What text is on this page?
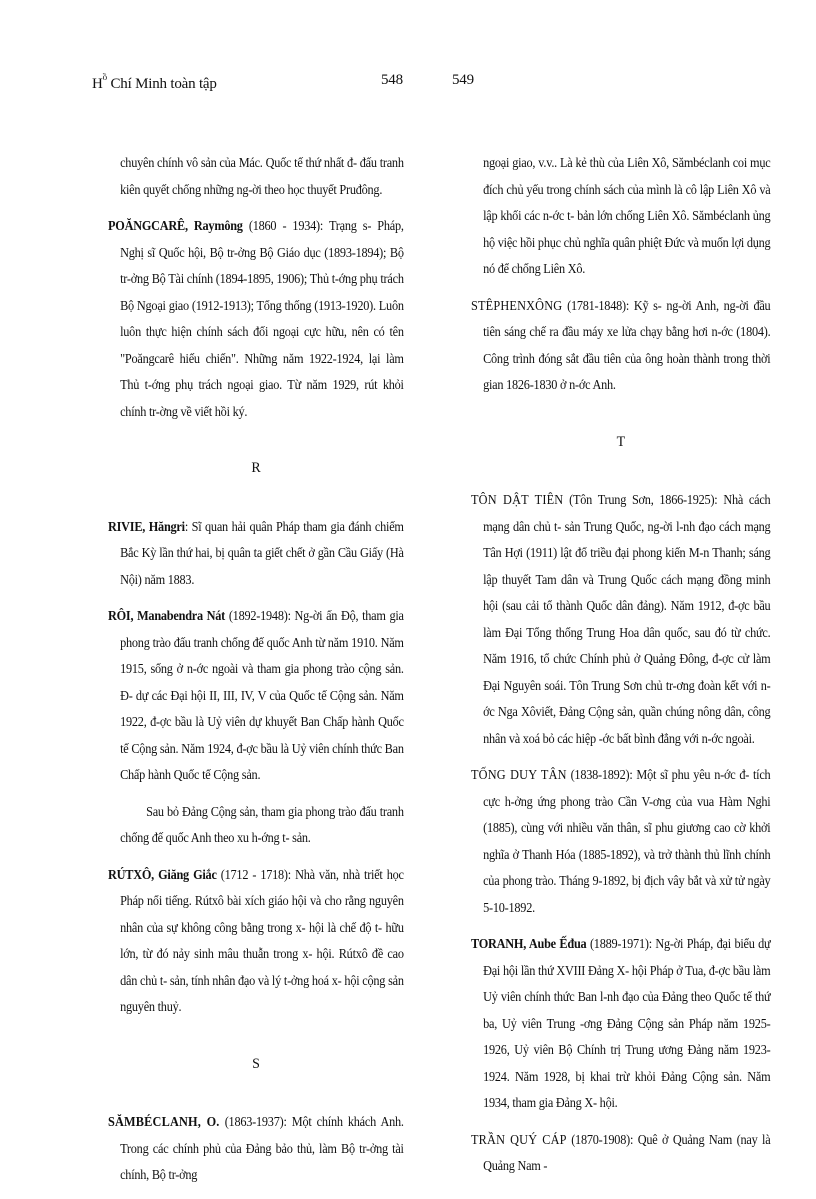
$H^ồ$ Chí Minh toàn tập	548	549

chuyên chính vô sản của Mác. Quốc tế thứ nhất đ- đấu tranh kiên quyết chống những ng-ời theo học thuyết Pruđông.

POĂNGCARÊ, Raymông (1860 - 1934): Trạng s- Pháp, Nghị sĩ Quốc hội, Bộ tr-ởng Bộ Giáo dục (1893-1894); Bộ tr-ởng Bộ Tài chính (1894-1895, 1906); Thủ t-ớng phụ trách Bộ Ngoại giao (1912-1913); Tổng thống (1913-1920). Luôn luôn thực hiện chính sách đối ngoại cực hữu, nên có tên "Poăngcarê hiếu chiến". Những năm 1922-1924, lại làm Thủ t-ớng phụ trách ngoại giao. Từ năm 1929, rút khỏi chính tr-ờng về viết hồi ký.

R

RIVIE, Hăngri: Sĩ quan hải quân Pháp tham gia đánh chiếm Bắc Kỳ lần thứ hai, bị quân ta giết chết ở gần Cầu Giấy (Hà Nội) năm 1883.

RÔI, Manabendra Nát (1892-1948): Ng-ời ấn Độ, tham gia phong trào đấu tranh chống đế quốc Anh từ năm 1910. Năm 1915, sống ở n-ớc ngoài và tham gia phong trào cộng sản. Đ- dự các Đại hội II, III, IV, V của Quốc tế Cộng sản. Năm 1922, đ-ợc bầu là Uỷ viên dự khuyết Ban Chấp hành Quốc tế Cộng sản. Năm 1924, đ-ợc bầu là Uỷ viên chính thức Ban Chấp hành Quốc tế Cộng sản.

Sau bỏ Đảng Cộng sản, tham gia phong trào đấu tranh chống đế quốc Anh theo xu h-ớng t- sản.

RÚTXÔ, Giăng Giắc (1712 - 1718): Nhà văn, nhà triết học Pháp nổi tiếng. Rútxô bài xích giáo hội và cho rằng nguyên nhân của sự không công bằng trong x- hội là chế độ t- hữu lớn, từ đó nảy sinh mâu thuẫn trong x- hội. Rútxô đề cao dân chủ t- sản, tính nhân đạo và lý t-ởng hoá x- hội cộng sản nguyên thuỷ.

S

SĂMBÉCLANH, O. (1863-1937): Một chính khách Anh. Trong các chính phủ của Đảng bảo thủ, làm Bộ tr-ởng tài chính, Bộ tr-ởng

ngoại giao, v.v.. Là kẻ thù của Liên Xô, Sămbéclanh coi mục đích chủ yếu trong chính sách của mình là cô lập Liên Xô và lập khối các n-ớc t- bản lớn chống Liên Xô. Sămbéclanh ủng hộ việc hồi phục chủ nghĩa quân phiệt Đức và muốn lợi dụng nó để chống Liên Xô.

STÊPHENXÔNG (1781-1848): Kỹ s- ng-ời Anh, ng-ời đầu tiên sáng chế ra đầu máy xe lửa chạy bằng hơi n-ớc (1804). Công trình đóng sắt đầu tiên của ông hoàn thành trong thời gian 1826-1830 ở n-ớc Anh.

T

TÔN DẬT TIÊN (Tôn Trung Sơn, 1866-1925): Nhà cách mạng dân chủ t- sản Trung Quốc, ng-ời l-nh đạo cách mạng Tân Hợi (1911) lật đổ triều đại phong kiến M-n Thanh; sáng lập thuyết Tam dân và Trung Quốc cách mạng đồng minh hội (sau cải tổ thành Quốc dân đảng). Năm 1912, đ-ợc bầu làm Đại Tổng thống Trung Hoa dân quốc, sau đó từ chức. Năm 1916, tổ chức Chính phủ ở Quảng Đông, đ-ợc cử làm Đại Nguyên soái. Tôn Trung Sơn chủ tr-ơng đoàn kết với n-ớc Nga Xôviết, Đảng Cộng sản, quần chúng nông dân, công nhân và xoá bỏ các hiệp -ớc bất bình đẳng với n-ớc ngoài.

TỐNG DUY TÂN (1838-1892): Một sĩ phu yêu n-ớc đ- tích cực h-ởng ứng phong trào Cần V-ơng của vua Hàm Nghi (1885), cùng với nhiều văn thân, sĩ phu giương cao cờ khởi nghĩa ở Thanh Hóa (1885-1892), và trở thành thủ lĩnh chính của phong trào. Tháng 9-1892, bị địch vây bắt và xử tử ngày 5-10-1892.

TORANH, Aube Ếđua (1889-1971): Ng-ời Pháp, đại biểu dự Đại hội lần thứ XVIII Đảng X- hội Pháp ở Tua, đ-ợc bầu làm Uỷ viên chính thức Ban l-nh đạo của Đảng theo Quốc tế thứ ba, Uỷ viên Trung -ơng Đảng Cộng sản Pháp năm 1925-1926, Uỷ viên Bộ Chính trị Trung ương Đảng năm 1923-1924. Năm 1928, bị khai trừ khỏi Đảng Cộng sản. Năm 1934, tham gia Đảng X- hội.

TRẦN QUÝ CÁP (1870-1908): Quê ở Quảng Nam (nay là Quảng Nam -
